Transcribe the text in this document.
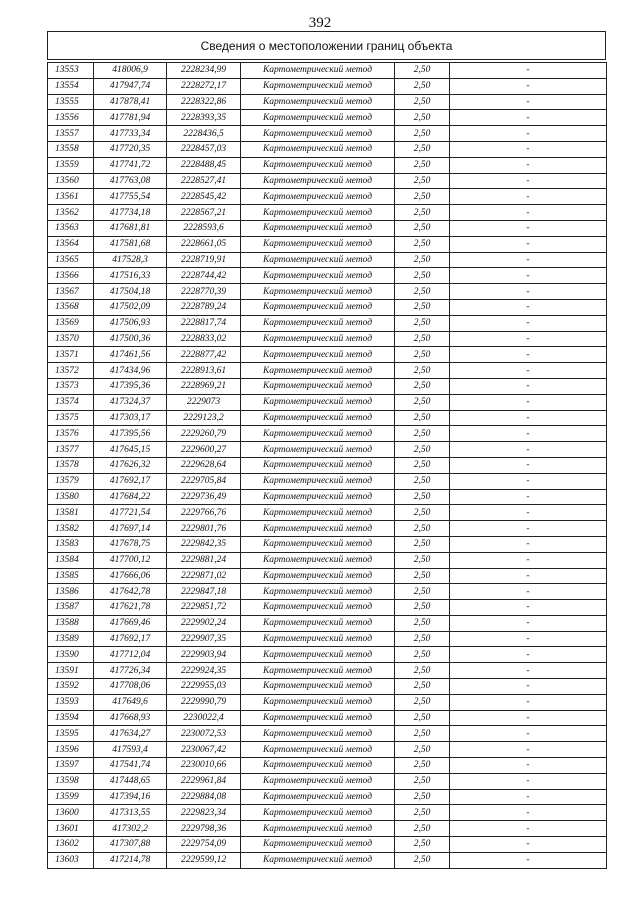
392
Сведения о местоположении границ объекта
13553	418006,9	2228234,99	Картометрический метод	2,50	-
13554	417947,74	2228272,17	Картометрический метод	2,50	-
13555	417878,41	2228322,86	Картометрический метод	2,50	-
13556	417781,94	2228393,35	Картометрический метод	2,50	-
13557	417733,34	2228436,5	Картометрический метод	2,50	-
13558	417720,35	2228457,03	Картометрический метод	2,50	-
13559	417741,72	2228488,45	Картометрический метод	2,50	-
13560	417763,08	2228527,41	Картометрический метод	2,50	-
13561	417755,54	2228545,42	Картометрический метод	2,50	-
13562	417734,18	2228567,21	Картометрический метод	2,50	-
13563	417681,81	2228593,6	Картометрический метод	2,50	-
13564	417581,68	2228661,05	Картометрический метод	2,50	-
13565	417528,3	2228719,91	Картометрический метод	2,50	-
13566	417516,33	2228744,42	Картометрический метод	2,50	-
13567	417504,18	2228770,39	Картометрический метод	2,50	-
13568	417502,09	2228789,24	Картометрический метод	2,50	-
13569	417506,93	2228817,74	Картометрический метод	2,50	-
13570	417500,36	2228833,02	Картометрический метод	2,50	-
13571	417461,56	2228877,42	Картометрический метод	2,50	-
13572	417434,96	2228913,61	Картометрический метод	2,50	-
13573	417395,36	2228969,21	Картометрический метод	2,50	-
13574	417324,37	2229073	Картометрический метод	2,50	-
13575	417303,17	2229123,2	Картометрический метод	2,50	-
13576	417395,56	2229260,79	Картометрический метод	2,50	-
13577	417645,15	2229600,27	Картометрический метод	2,50	-
13578	417626,32	2229628,64	Картометрический метод	2,50	-
13579	417692,17	2229705,84	Картометрический метод	2,50	-
13580	417684,22	2229736,49	Картометрический метод	2,50	-
13581	417721,54	2229766,76	Картометрический метод	2,50	-
13582	417697,14	2229801,76	Картометрический метод	2,50	-
13583	417678,75	2229842,35	Картометрический метод	2,50	-
13584	417700,12	2229881,24	Картометрический метод	2,50	-
13585	417666,06	2229871,02	Картометрический метод	2,50	-
13586	417642,78	2229847,18	Картометрический метод	2,50	-
13587	417621,78	2229851,72	Картометрический метод	2,50	-
13588	417669,46	2229902,24	Картометрический метод	2,50	-
13589	417692,17	2229907,35	Картометрический метод	2,50	-
13590	417712,04	2229903,94	Картометрический метод	2,50	-
13591	417726,34	2229924,35	Картометрический метод	2,50	-
13592	417708,06	2229955,03	Картометрический метод	2,50	-
13593	417649,6	2229990,79	Картометрический метод	2,50	-
13594	417668,93	2230022,4	Картометрический метод	2,50	-
13595	417634,27	2230072,53	Картометрический метод	2,50	-
13596	417593,4	2230067,42	Картометрический метод	2,50	-
13597	417541,74	2230010,66	Картометрический метод	2,50	-
13598	417448,65	2229961,84	Картометрический метод	2,50	-
13599	417394,16	2229884,08	Картометрический метод	2,50	-
13600	417313,55	2229823,34	Картометрический метод	2,50	-
13601	417302,2	2229798,36	Картометрический метод	2,50	-
13602	417307,88	2229754,09	Картометрический метод	2,50	-
13603	417214,78	2229599,12	Картометрический метод	2,50	-
